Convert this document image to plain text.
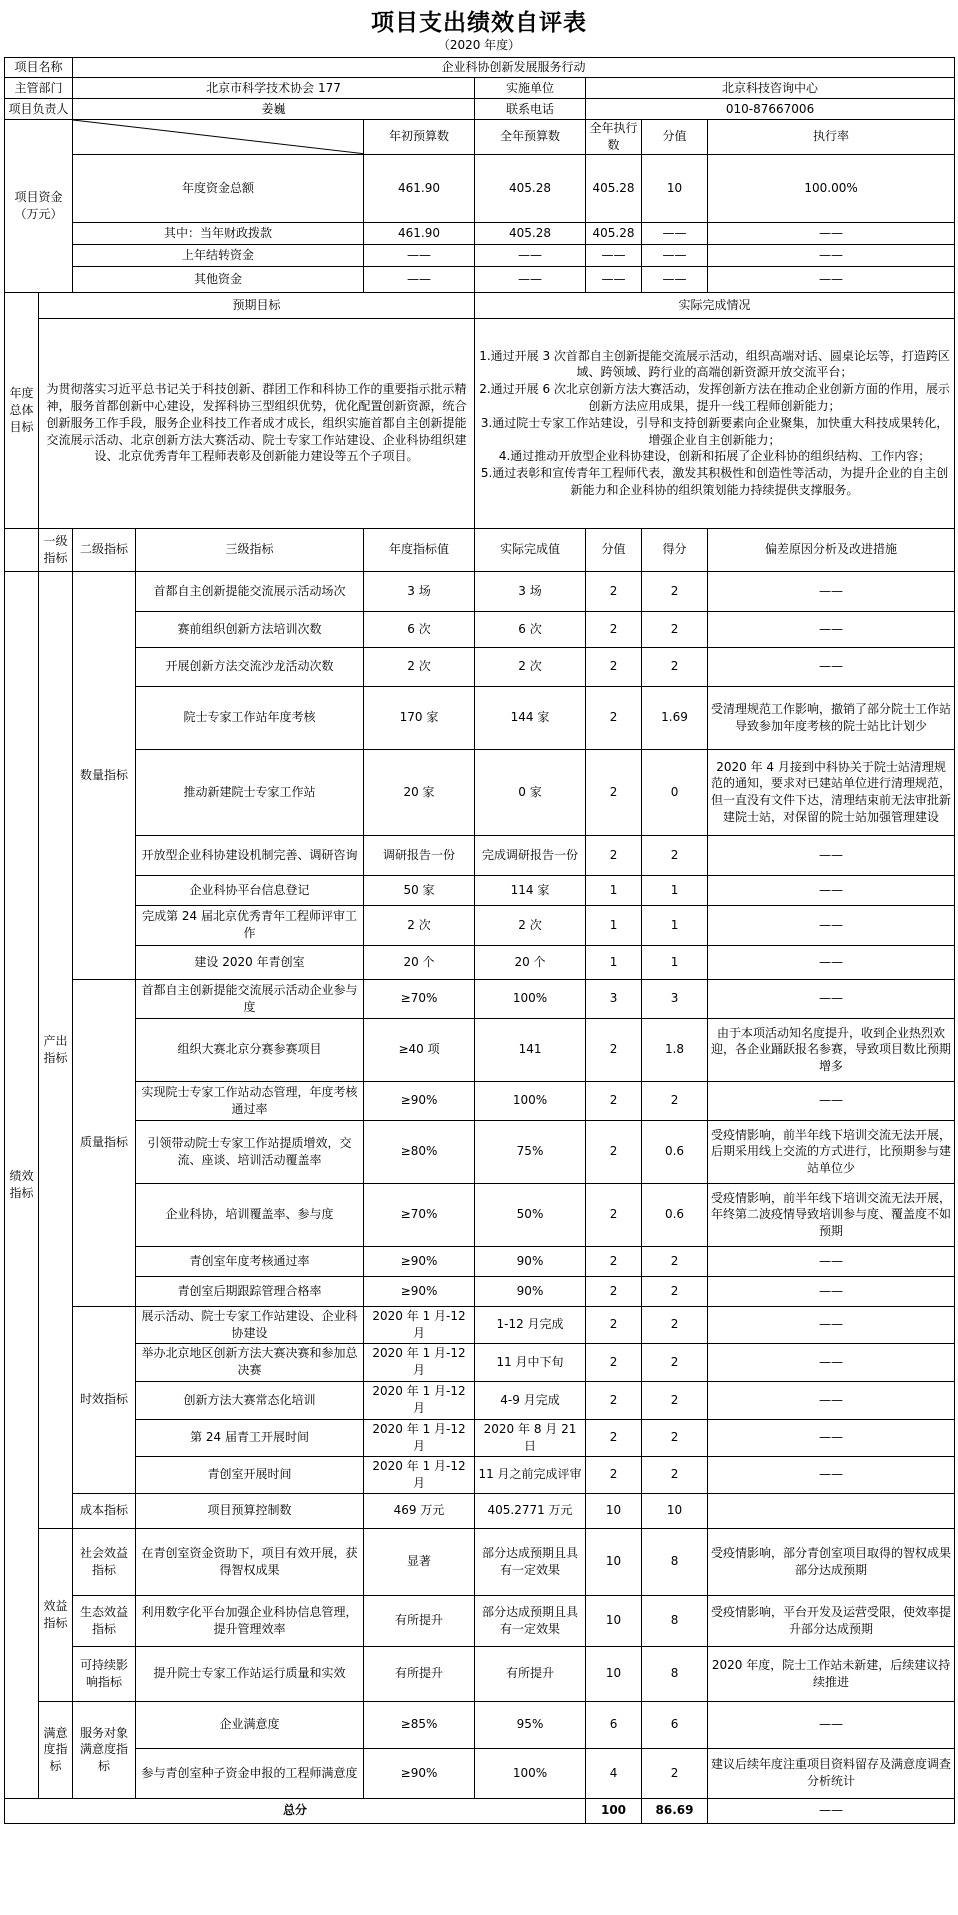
项目支出绩效自评表
（2020 年度）
项目名称		企业科协创新发展服务行动							
主管部门		北京市科学技术协会 177			实施单位	北京科技咨询中心			
项目负责人		姜巍			联系电话	010-87667006			
项目资金（万元）				年初预算数	全年预算数	全年执行数	分值	执行率	
		年度资金总额		461.90	405.28	405.28	10	100.00%	
		其中：当年财政拨款		461.90	405.28	405.28	——	——	
		上年结转资金		——	——	——	——	——	
		其他资金		——	——	——	——	——	
年度总体目标	预期目标				实际完成情况				
	为贯彻落实习近平总书记关于科技创新、群团工作和科协工作的重要指示批示精神，服务首都创新中心建设，发挥科协三型组织优势，优化配置创新资源，统合创新服务工作手段，服务企业科技工作者成才成长，组织实施首都自主创新提能交流展示活动、北京创新方法大赛活动、院士专家工作站建设、企业科协组织建设、北京优秀青年工程师表彰及创新能力建设等五个子项目。				1.通过开展 3 次首都自主创新提能交流展示活动，组织高端对话、圆桌论坛等，打造跨区域、跨领域、跨行业的高端创新资源开放交流平台；
2.通过开展 6 次北京创新方法大赛活动，发挥创新方法在推动企业创新方面的作用，展示创新方法应用成果，提升一线工程师创新能力；
3.通过院士专家工作站建设，引导和支持创新要素向企业聚集，加快重大科技成果转化，增强企业自主创新能力；
4.通过推动开放型企业科协建设，创新和拓展了企业科协的组织结构、工作内容；
5.通过表彰和宣传青年工程师代表，激发其积极性和创造性等活动，为提升企业的自主创新能力和企业科协的组织策划能力持续提供支撑服务。				

	一级指标	二级指标	三级指标	年度指标值	实际完成值	分值	得分	偏差原因分析及改进措施	
绩效指标	产出指标	数量指标	首都自主创新提能交流展示活动场次	3 场	3 场	2	2	——	
			赛前组织创新方法培训次数	6 次	6 次	2	2	——	
			开展创新方法交流沙龙活动次数	2 次	2 次	2	2	——	
			院士专家工作站年度考核	170 家	144 家	2	1.69	受清理规范工作影响，撤销了部分院士工作站导致参加年度考核的院士站比计划少	
			推动新建院士专家工作站	20 家	0 家	2	0	2020 年 4 月接到中科协关于院士站清理规范的通知，要求对已建站单位进行清理规范，但一直没有文件下达，清理结束前无法审批新建院士站，对保留的院士站加强管理建设	
			开放型企业科协建设机制完善、调研咨询	调研报告一份	完成调研报告一份	2	2	——	
			企业科协平台信息登记	50 家	114 家	1	1	——	
			完成第 24 届北京优秀青年工程师评审工作	2 次	2 次	1	1	——	
			建设 2020 年青创室	20 个	20 个	1	1	——	
		质量指标	首都自主创新提能交流展示活动企业参与度	≥70%	100%	3	3	——	
			组织大赛北京分赛参赛项目	≥40 项	141	2	1.8	由于本项活动知名度提升，收到企业热烈欢迎，各企业踊跃报名参赛，导致项目数比预期增多	
			实现院士专家工作站动态管理，年度考核通过率	≥90%	100%	2	2	——	
			引领带动院士专家工作站提质增效，交流、座谈、培训活动覆盖率	≥80%	75%	2	0.6	受疫情影响，前半年线下培训交流无法开展，后期采用线上交流的方式进行，比预期参与建站单位少	
			企业科协，培训覆盖率、参与度	≥70%	50%	2	0.6	受疫情影响，前半年线下培训交流无法开展，年终第二波疫情导致培训参与度、覆盖度不如预期	
			青创室年度考核通过率	≥90%	90%	2	2	——	
			青创室后期跟踪管理合格率	≥90%	90%	2	2	——	
		时效指标	展示活动、院士专家工作站建设、企业科协建设	2020 年 1 月-12 月	1-12 月完成	2	2	——	
			举办北京地区创新方法大赛决赛和参加总决赛	2020 年 1 月-12 月	11 月中下旬	2	2	——	
			创新方法大赛常态化培训	2020 年 1 月-12 月	4-9 月完成	2	2	——	
			第 24 届青工开展时间	2020 年 1 月-12 月	2020 年 8 月 21 日	2	2	——	
			青创室开展时间	2020 年 1 月-12 月	11 月之前完成评审	2	2	——	
		成本指标	项目预算控制数	469 万元	405.2771 万元	10	10		
	效益指标	社会效益指标	在青创室资金资助下，项目有效开展，获得智权成果	显著	部分达成预期且具有一定效果	10	8	受疫情影响，部分青创室项目取得的智权成果部分达成预期	
		生态效益指标	利用数字化平台加强企业科协信息管理，提升管理效率	有所提升	部分达成预期且具有一定效果	10	8	受疫情影响，平台开发及运营受限，使效率提升部分达成预期	
		可持续影响指标	提升院士专家工作站运行质量和实效	有所提升	有所提升	10	8	2020 年度，院士工作站未新建，后续建议持续推进	
	满意度指标	服务对象满意度指标	企业满意度	≥85%	95%	6	6	——	
			参与青创室种子资金申报的工程师满意度	≥90%	100%	4	2	建议后续年度注重项目资料留存及满意度调查分析统计	
总分						100	86.69	——	
